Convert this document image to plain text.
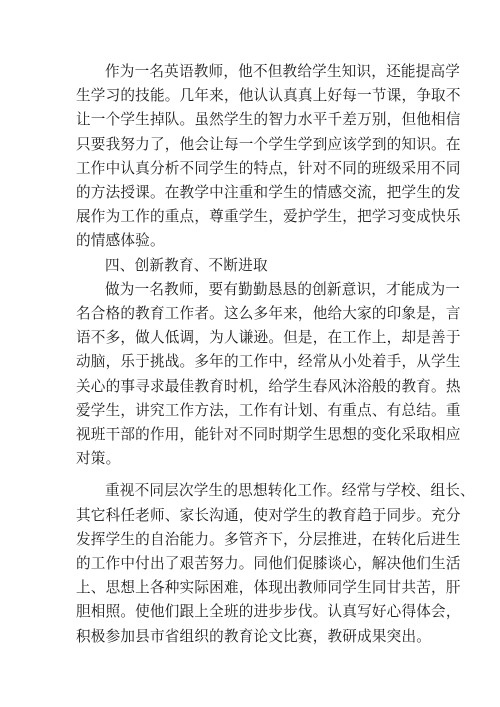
作为一名英语教师，他不但教给学生知识，还能提高学
生学习的技能。几年来，他认认真真上好每一节课，争取不
让一个学生掉队。虽然学生的智力水平千差万别，但他相信
只要我努力了，他会让每一个学生学到应该学到的知识。在
工作中认真分析不同学生的特点，针对不同的班级采用不同
的方法授课。在教学中注重和学生的情感交流，把学生的发
展作为工作的重点，尊重学生，爱护学生，把学习变成快乐
的情感体验。

四、创新教育、不断进取

做为一名教师，要有勤勤恳恳的创新意识，才能成为一
名合格的教育工作者。这么多年来，他给大家的印象是，言
语不多，做人低调，为人谦逊。但是，在工作上，却是善于
动脑，乐于挑战。多年的工作中，经常从小处着手，从学生
关心的事寻求最佳教育时机，给学生春风沐浴般的教育。热
爱学生，讲究工作方法，工作有计划、有重点、有总结。重
视班干部的作用，能针对不同时期学生思想的变化采取相应
对策。

重视不同层次学生的思想转化工作。经常与学校、组长、
其它科任老师、家长沟通，使对学生的教育趋于同步。充分
发挥学生的自治能力。多管齐下，分层推进，在转化后进生
的工作中付出了艰苦努力。同他们促膝谈心，解决他们生活
上、思想上各种实际困难，体现出教师同学生同甘共苦，肝
胆相照。使他们跟上全班的进步步伐。认真写好心得体会，
积极参加县市省组织的教育论文比赛，教研成果突出。
